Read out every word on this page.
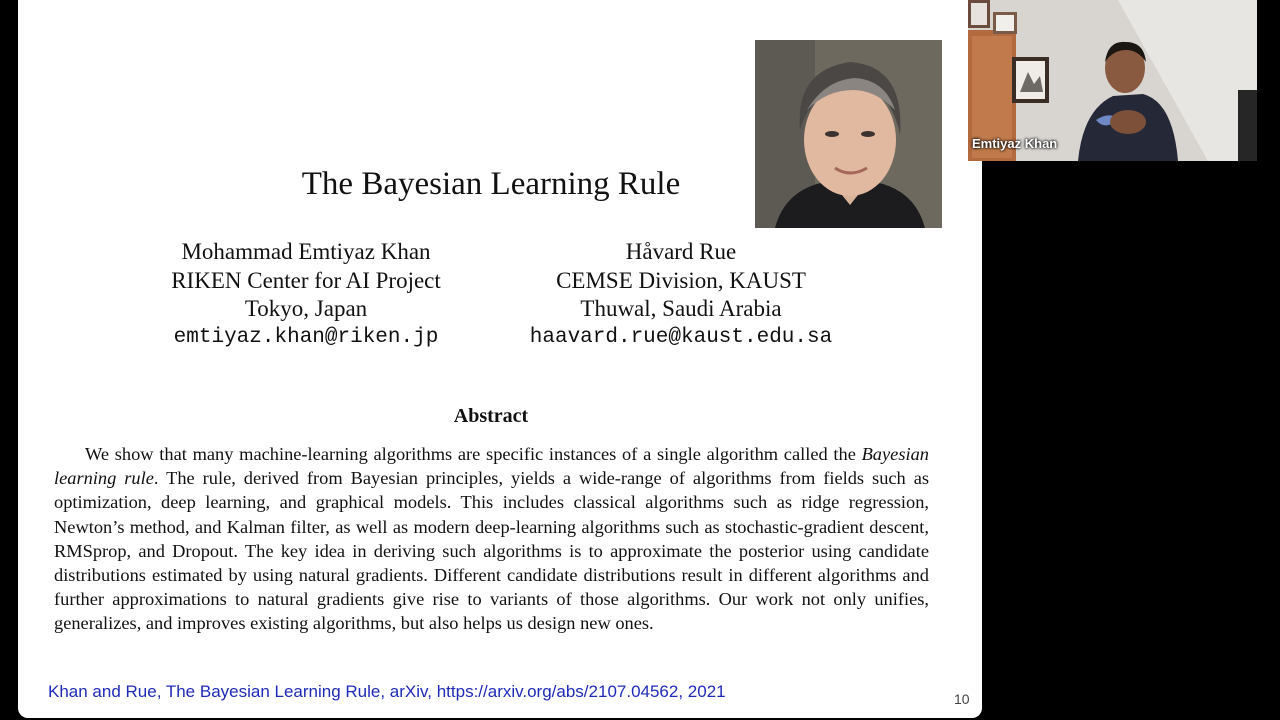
The Bayesian Learning Rule
Mohammad Emtiyaz Khan
RIKEN Center for AI Project
Tokyo, Japan
emtiyaz.khan@riken.jp
Håvard Rue
CEMSE Division, KAUST
Thuwal, Saudi Arabia
haavard.rue@kaust.edu.sa
Abstract

We show that many machine-learning algorithms are specific instances of a single algorithm called the Bayesian learning rule. The rule, derived from Bayesian principles, yields a wide-range of algorithms from fields such as optimization, deep learning, and graphical models. This includes classical algorithms such as ridge regression, Newton’s method, and Kalman filter, as well as modern deep-learning algorithms such as stochastic-gradient descent, RMSprop, and Dropout. The key idea in deriving such algorithms is to approximate the posterior using candidate distributions estimated by using natural gradients. Different candidate distributions result in different algorithms and further approximations to natural gradients give rise to variants of those algorithms. Our work not only unifies, generalizes, and improves existing algorithms, but also helps us design new ones.

Khan and Rue, The Bayesian Learning Rule, arXiv, https://arxiv.org/abs/2107.04562, 2021	10
Emtiyaz Khan
